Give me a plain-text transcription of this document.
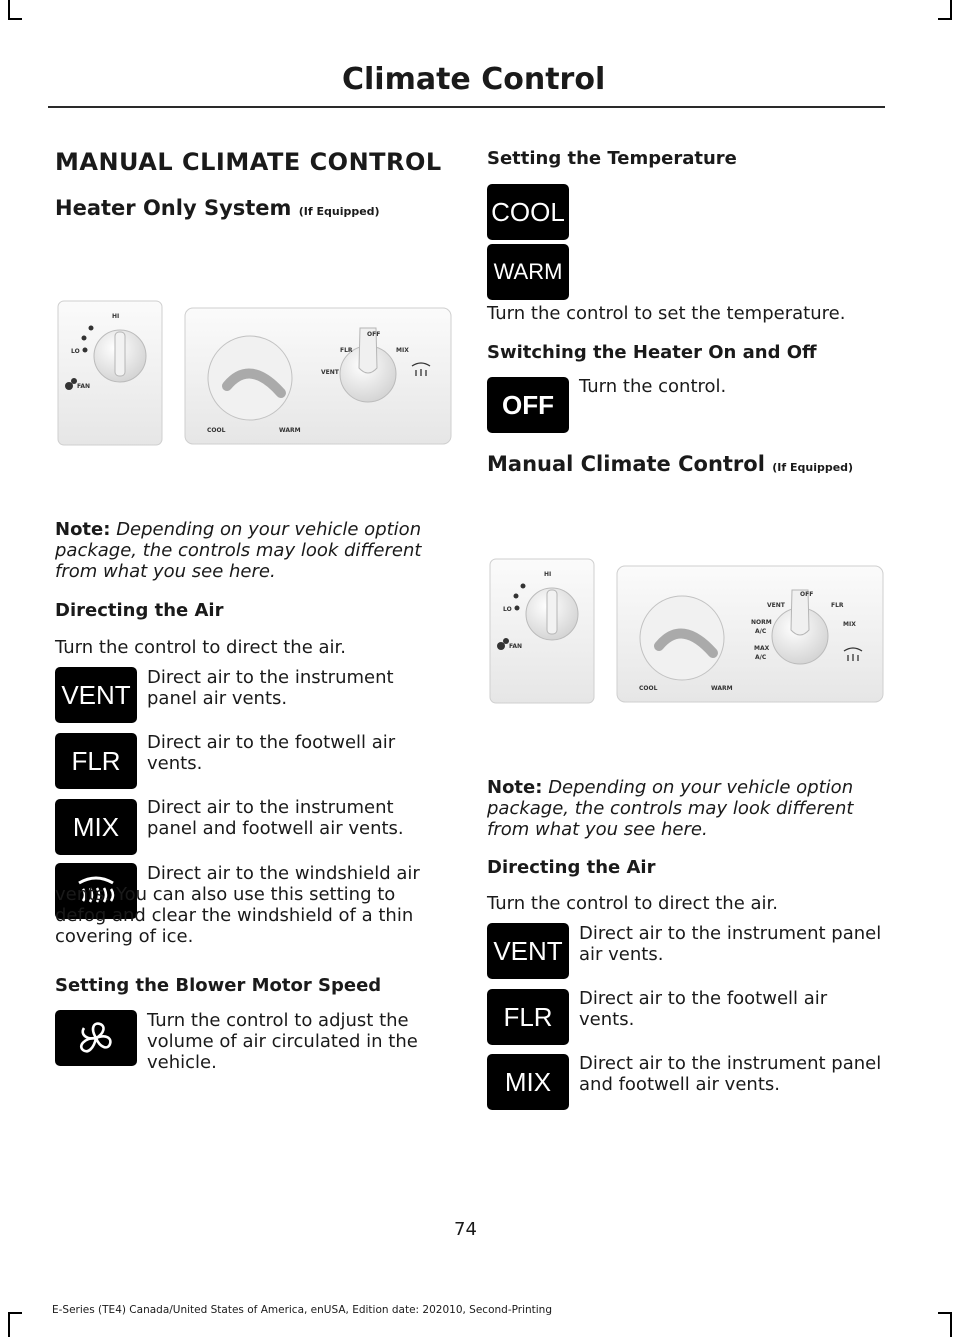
Climate Control
MANUAL CLIMATE CONTROL
Heater Only System (If Equipped)
HI
LO
FAN
OFF
FLR	MIX
VENT
COOL	WARM
Note: Depending on your vehicle option package, the controls may look different from what you see here.
Directing the Air
Turn the control to direct the air.
VENT
Direct air to the instrument panel air vents.
FLR
Direct air to the footwell air vents.
MIX
Direct air to the instrument panel and footwell air vents.
Direct air to the windshield air vents. You can also use this setting to defog and clear the windshield of a thin covering of ice.
Setting the Blower Motor Speed
Turn the control to adjust the volume of air circulated in the vehicle.
Setting the Temperature
COOL
WARM
Turn the control to set the temperature.
Switching the Heater On and Off
OFF
Turn the control.
Manual Climate Control (If Equipped)
HI
LO
FAN
OFF
VENT	FLR
NORM
A/C
MIX
MAX
A/C
COOL	WARM
Note: Depending on your vehicle option package, the controls may look different from what you see here.
Directing the Air
Turn the control to direct the air.
VENT
Direct air to the instrument panel air vents.
FLR
Direct air to the footwell air vents.
MIX
Direct air to the instrument panel and footwell air vents.
74
E-Series (TE4) Canada/United States of America, enUSA, Edition date: 202010, Second-Printing
